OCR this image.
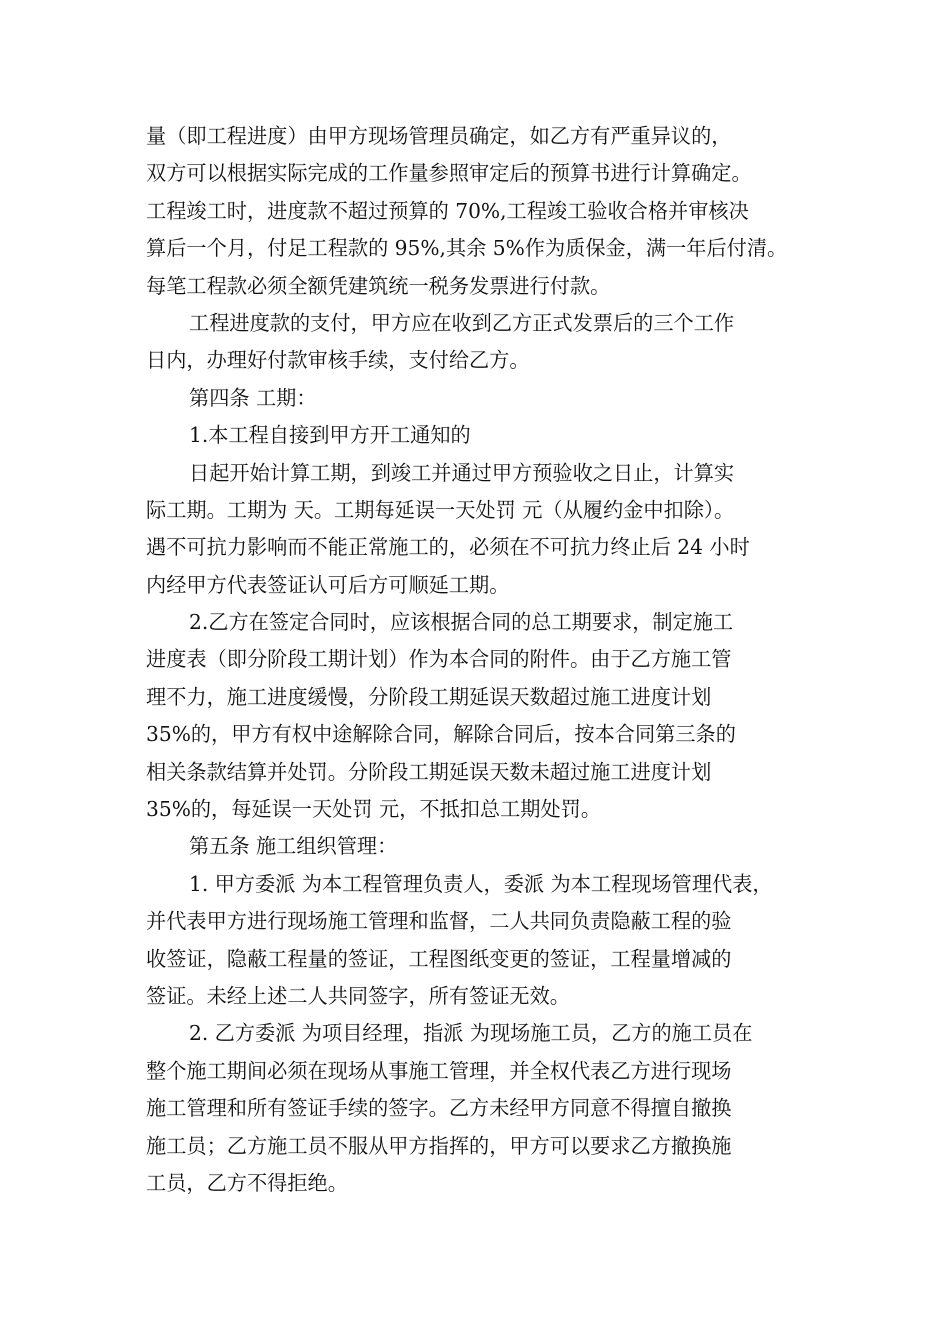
量（即工程进度）由甲方现场管理员确定，如乙方有严重异议的，
双方可以根据实际完成的工作量参照审定后的预算书进行计算确定。
工程竣工时，进度款不超过预算的 70%,工程竣工验收合格并审核决
算后一个月，付足工程款的 95%,其余 5%作为质保金，满一年后付清。
每笔工程款必须全额凭建筑统一税务发票进行付款。
工程进度款的支付，甲方应在收到乙方正式发票后的三个工作
日内，办理好付款审核手续，支付给乙方。
第四条 工期：
1.本工程自接到甲方开工通知的
日起开始计算工期，到竣工并通过甲方预验收之日止，计算实
际工期。工期为 天。工期每延误一天处罚 元（从履约金中扣除）。
遇不可抗力影响而不能正常施工的，必须在不可抗力终止后 24 小时
内经甲方代表签证认可后方可顺延工期。
2.乙方在签定合同时，应该根据合同的总工期要求，制定施工
进度表（即分阶段工期计划）作为本合同的附件。由于乙方施工管
理不力，施工进度缓慢，分阶段工期延误天数超过施工进度计划
35%的，甲方有权中途解除合同，解除合同后，按本合同第三条的
相关条款结算并处罚。分阶段工期延误天数未超过施工进度计划
35%的，每延误一天处罚 元，不抵扣总工期处罚。
第五条 施工组织管理：
1. 甲方委派 为本工程管理负责人，委派 为本工程现场管理代表，
并代表甲方进行现场施工管理和监督，二人共同负责隐蔽工程的验
收签证，隐蔽工程量的签证，工程图纸变更的签证，工程量增减的
签证。未经上述二人共同签字，所有签证无效。
2. 乙方委派 为项目经理，指派 为现场施工员，乙方的施工员在
整个施工期间必须在现场从事施工管理，并全权代表乙方进行现场
施工管理和所有签证手续的签字。乙方未经甲方同意不得擅自撤换
施工员；乙方施工员不服从甲方指挥的，甲方可以要求乙方撤换施
工员，乙方不得拒绝。
